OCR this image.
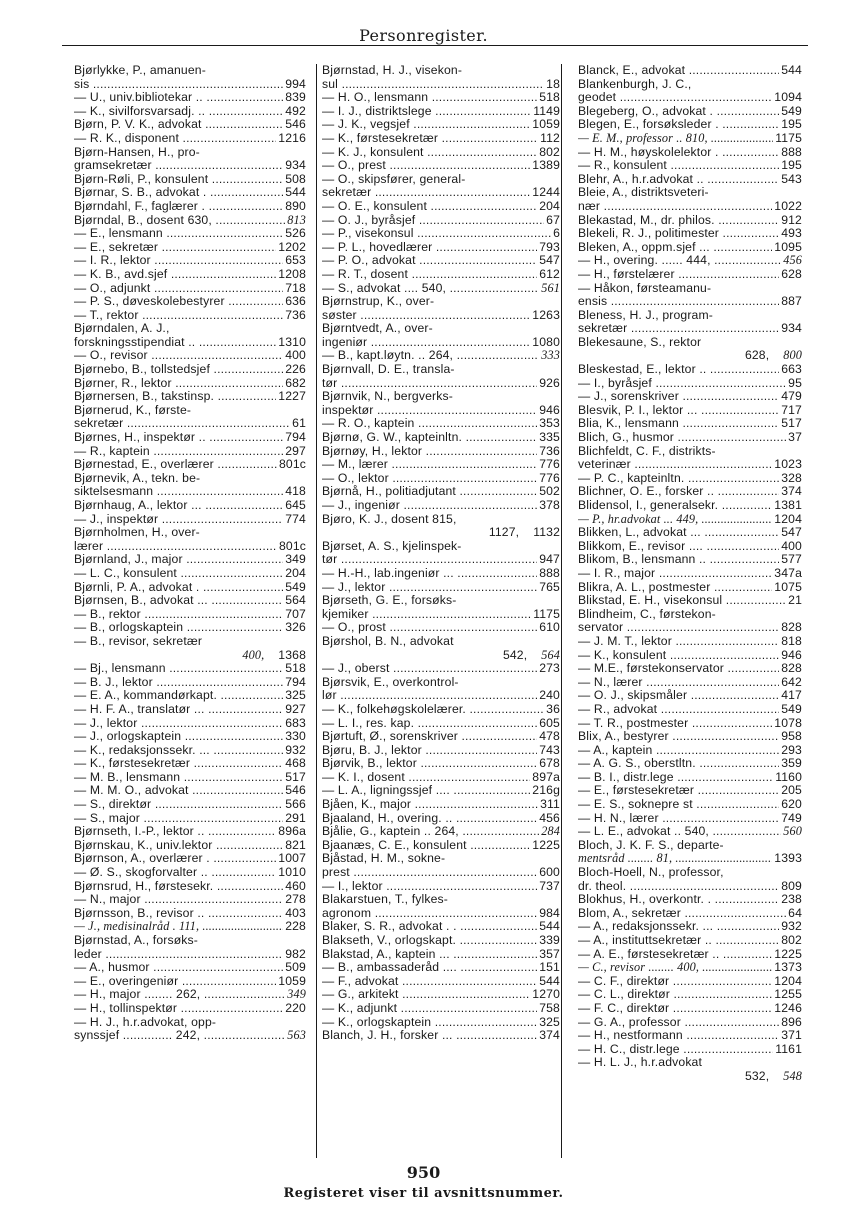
Personregister.
Bjørlykke, P., amanuen-
sis .....	994
— U., univ.bibliotekar .. .....	839
— K., sivilforsvarsadj. .. .....	492
Bjørn, P. V. K., advokat .....	546
— R. K., disponent .....	1216
Bjørn-Hansen, H., pro-
gramsekretær .....	934
Bjørn-Røli, P., konsulent .....	508
Bjørnar, S. B., advokat . .....	544
Bjørndahl, F., faglærer . .....	890
Bjørndal, B., dosent 630, .....	813
— E., lensmann .....	526
— E., sekretær .....	1202
— I. R., lektor .....	653
— K. B., avd.sjef .....	1208
— O., adjunkt .....	718
— P. S., døveskolebestyrer .....	636
— T., rektor .....	736
Bjørndalen, A. J.,
forskningsstipendiat .. .....	1310
— O., revisor .....	400
Bjørnebo, B., tollstedsjef .....	226
Bjørner, R., lektor .....	682
Bjørnersen, B., takstinsp. .....	1227
Bjørnerud, K., første-
sekretær .....	61
Bjørnes, H., inspektør .. .....	794
— R., kaptein .....	297
Bjørnestad, E., overlærer .....	801c
Bjørnevik, A., tekn. be-
siktelsesmann .....	418
Bjørnhaug, A., lektor ... .....	645
— J., inspektør .....	774
Bjørnholmen, H., over-
lærer .....	801c
Bjørnland, J., major .....	349
— L. C., konsulent .....	204
Bjørnli, P. A., advokat . .....	549
Bjørnsen, B., advokat ... .....	564
— B., rektor .....	707
— B., orlogskaptein .....	326
— B., revisor, sekretær
400,	1368
— Bj., lensmann .....	518
— B. J., lektor .....	794
— E. A., kommandørkapt. .....	325
— H. F. A., translatør ... .....	927
— J., lektor .....	683
— J., orlogskaptein .....	330
— K., redaksjonssekr. ... .....	932
— K., førstesekretær .....	468
— M. B., lensmann .....	517
— M. M. O., advokat .....	546
— S., direktør .....	566
— S., major .....	291
Bjørnseth, I.-P., lektor .. .....	896a
Bjørnskau, K., univ.lektor .....	821
Bjørnson, A., overlærer . .....	1007
— Ø. S., skogforvalter .. .....	1010
Bjørnsrud, H., førstesekr. .....	460
— N., major .....	278
Bjørnsson, B., revisor .. .....	403
— J., medisinalråd . 111, .....	228
Bjørnstad, A., forsøks-
leder .....	982
— A., husmor .....	509
— E., overingeniør .....	1059
— H., major ........ 262, .....	349
— H., tollinspektør .....	220
— H. J., h.r.advokat, opp-
synssjef .............. 242, .....	563
Bjørnstad, H. J., visekon-
sul .....	18
— H. O., lensmann .....	518
— I. J., distriktslege .....	1149
— J. K., vegsjef .....	1059
— K., førstesekretær .....	112
— K. J., konsulent .....	802
— O., prest .....	1389
— O., skipsfører, general-
sekretær .....	1244
— O. E., konsulent .....	204
— O. J., byråsjef .....	67
— P., visekonsul .....	6
— P. L., hovedlærer .....	793
— P. O., advokat .....	547
— R. T., dosent .....	612
— S., advokat .... 540, .....	561
Bjørnstrup, K., over-
søster .....	1263
Bjørntvedt, A., over-
ingeniør .....	1080
— B., kapt.løytn. .. 264, .....	333
Bjørnvall, D. E., transla-
tør .....	926
Bjørnvik, N., bergverks-
inspektør .....	946
— R. O., kaptein .....	353
Bjørnø, G. W., kapteinltn. .....	335
Bjørnøy, H., lektor .....	736
— M., lærer .....	776
— O., lektor .....	776
Bjørnå, H., politiadjutant .....	502
— J., ingeniør .....	378
Bjøro, K. J., dosent 815,
1127,	1132
Bjørset, A. S., kjelinspek-
tør .....	947
— H.-H., lab.ingeniør ... .....	888
— J., lektor .....	765
Bjørseth, G. E., forsøks-
kjemiker .....	1175
— O., prost .....	610
Bjørshol, B. N., advokat
542,	564
— J., oberst .....	273
Bjørsvik, E., overkontrol-
lør .....	240
— K., folkehøgskolelærer. .....	36
— L. I., res. kap. .....	605
Bjørtuft, Ø., sorenskriver .....	478
Bjøru, B. J., lektor .....	743
Bjørvik, B., lektor .....	678
— K. I., dosent .....	897a
— L. A., ligningssjef .... .....	216g
Bjåen, K., major .....	311
Bjaaland, H., overing. .. .....	456
Bjålie, G., kaptein .. 264, .....	284
Bjaanæs, C. E., konsulent .....	1225
Bjåstad, H. M., sokne-
prest .....	600
— I., lektor .....	737
Blakarstuen, T., fylkes-
agronom .....	984
Blaker, S. R., advokat . . .....	544
Blakseth, V., orlogskapt. .....	339
Blakstad, A., kaptein ... .....	357
— B., ambassaderåd .... .....	151
— F., advokat .....	544
— G., arkitekt .....	1270
— K., adjunkt .....	758
— K., orlogskaptein .....	325
Blanch, J. H., forsker ... .....	374
Blanck, E., advokat .....	544
Blankenburgh, J. C.,
geodet .....	1094
Blegeberg, O., advokat . .....	549
Blegen, E., forsøksleder . .....	195
— E. M., professor .. 810, .....	1175
— H. M., høyskolelektor . .....	888
— R., konsulent .....	195
Blehr, A., h.r.advokat .. .....	543
Bleie, A., distriktsveteri-
nær .....	1022
Blekastad, M., dr. philos. .....	912
Blekeli, R. J., politimester .....	493
Bleken, A., oppm.sjef ... .....	1095
— H., overing. ...... 444, .....	456
— H., førstelærer .....	628
— Håkon, førsteamanu-
ensis .....	887
Bleness, H. J., program-
sekretær .....	934
Blekesaune, S., rektor
628,	800
Bleskestad, E., lektor .. .....	663
— I., byråsjef .....	95
— J., sorenskriver .....	479
Blesvik, P. I., lektor ... .....	717
Blia, K., lensmann .....	517
Blich, G., husmor .....	37
Blichfeldt, C. F., distrikts-
veterinær .....	1023
— P. C., kapteinltn. .....	328
Blichner, O. E., forsker .. .....	374
Blidensol, I., generalsekr. .....	1381
— P., hr.advokat ... 449, .....	1204
Blikken, L., advokat ... .....	547
Blikkom, E., revisor .... .....	400
Blikom, B., lensmann .. .....	577
— I. R., major .....	347a
Blikra, A. L., postmester .....	1075
Blikstad, E. H., visekonsul .....	21
Blindheim, C., førstekon-
servator .....	828
— J. M. T., lektor .....	818
— K., konsulent .....	946
— M.E., førstekonservator .....	828
— N., lærer .....	642
— O. J., skipsmåler .....	417
— R., advokat .....	549
— T. R., postmester .....	1078
Blix, A., bestyrer .....	958
— A., kaptein .....	293
— A. G. S., oberstltn. .....	359
— B. I., distr.lege .....	1160
— E., førstesekretær .....	205
— E. S., soknepre st .....	620
— H. N., lærer .....	749
— L. E., advokat .. 540, .....	560
Bloch, J. K. F. S., departe-
mentsråd ........ 81, .....	1393
Bloch-Hoell, N., professor,
dr. theol. .....	809
Blokhus, H., overkontr. . .....	238
Blom, A., sekretær .....	64
— A., redaksjonssekr. ... .....	932
— A., instituttsekretær .. .....	802
— A. E., førstesekretær .. .....	1225
— C., revisor ........ 400, .....	1373
— C. F., direktør .....	1204
— C. L., direktør .....	1255
— F. C., direktør .....	1246
— G. A., professor .....	896
— H., nestformann .....	371
— H. C., distr.lege .....	1161
— H. L. J., h.r.advokat
532,	548
950
Registeret viser til avsnittsnummer.
